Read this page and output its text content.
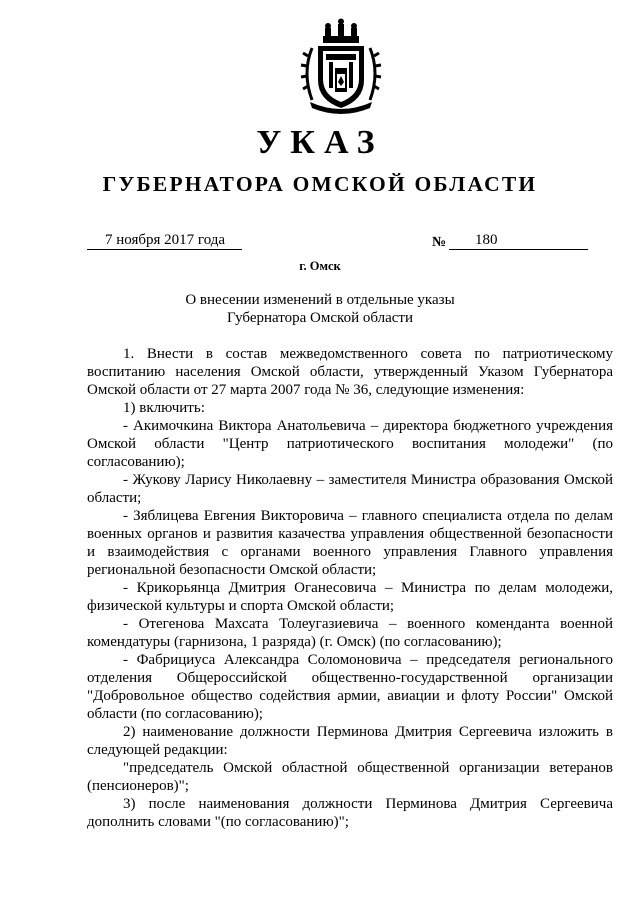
УКАЗ
ГУБЕРНАТОРА ОМСКОЙ ОБЛАСТИ
7 ноября 2017 года	№	180
г. Омск
О внесении изменений в отдельные указы
Губернатора Омской области

1. Внести в состав межведомственного совета по патриотическому воспитанию населения Омской области, утвержденный Указом Губернатора Омской области от 27 марта 2007 года № 36, следующие изменения:

1) включить:

- Акимочкина Виктора Анатольевича – директора бюджетного учреждения Омской области "Центр патриотического воспитания молодежи" (по согласованию);

- Жукову Ларису Николаевну – заместителя Министра образования Омской области;

- Зяблицева Евгения Викторовича – главного специалиста отдела по делам военных органов и развития казачества управления общественной безопасности и взаимодействия с органами военного управления Главного управления региональной безопасности Омской области;

- Крикорьянца Дмитрия Оганесовича – Министра по делам молодежи, физической культуры и спорта Омской области;

- Отегенова Махсата Толеугазиевича – военного коменданта военной комендатуры (гарнизона, 1 разряда) (г. Омск) (по согласованию);

- Фабрициуса Александра Соломоновича – председателя регионального отделения Общероссийской общественно-государственной организации "Добровольное общество содействия армии, авиации и флоту России" Омской области (по согласованию);

2) наименование должности Перминова Дмитрия Сергеевича изложить в следующей редакции:

"председатель Омской областной общественной организации ветеранов (пенсионеров)";

3) после наименования должности Перминова Дмитрия Сергеевича дополнить словами "(по согласованию)";
